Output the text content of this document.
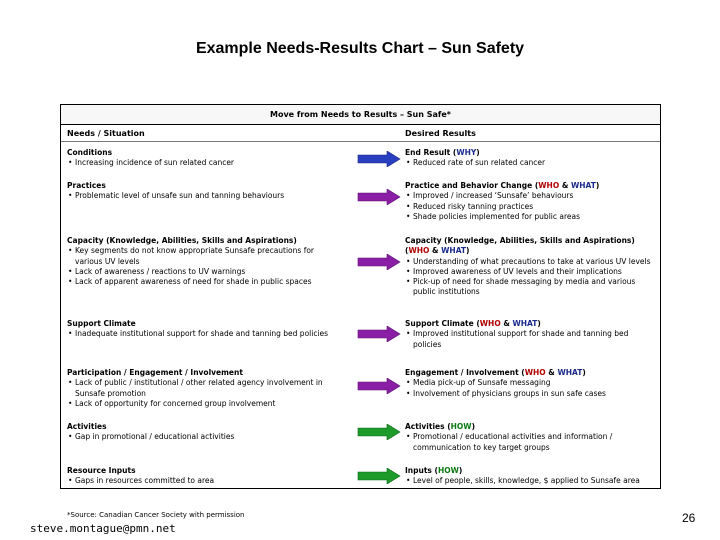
Example Needs-Results Chart – Sun Safety
Move from Needs to Results – Sun Safe*
Needs / Situation	Desired Results
Conditions
• Increasing incidence of sun related cancer
End Result (WHY)
• Reduced rate of sun related cancer
Practices
• Problematic level of unsafe sun and tanning behaviours
Practice and Behavior Change (WHO & WHAT)
• Improved / increased ‘Sunsafe’ behaviours
• Reduced risky tanning practices
• Shade policies implemented for public areas
Capacity (Knowledge, Abilities, Skills and Aspirations)
• Key segments do not know appropriate Sunsafe precautions for various UV levels
• Lack of awareness / reactions to UV warnings
• Lack of apparent awareness of need for shade in public spaces
Capacity (Knowledge, Abilities, Skills and Aspirations) (WHO & WHAT)
• Understanding of what precautions to take at various UV levels
• Improved awareness of UV levels and their implications
• Pick-up of need for shade messaging by media and various public institutions
Support Climate
• Inadequate institutional support for shade and tanning bed policies
Support Climate (WHO & WHAT)
• Improved institutional support for shade and tanning bed policies
Participation / Engagement / Involvement
• Lack of public / institutional / other related agency involvement in Sunsafe promotion
• Lack of opportunity for concerned group involvement
Engagement / Involvement (WHO & WHAT)
• Media pick-up of Sunsafe messaging
• Involvement of physicians groups in sun safe cases
Activities
• Gap in promotional / educational activities
Activities (HOW)
• Promotional / educational activities and information / communication to key target groups
Resource Inputs
• Gaps in resources committed to area
Inputs (HOW)
• Level of people, skills, knowledge, $ applied to Sunsafe area
*Source: Canadian Cancer Society with permission
steve.montague@pmn.net
26
